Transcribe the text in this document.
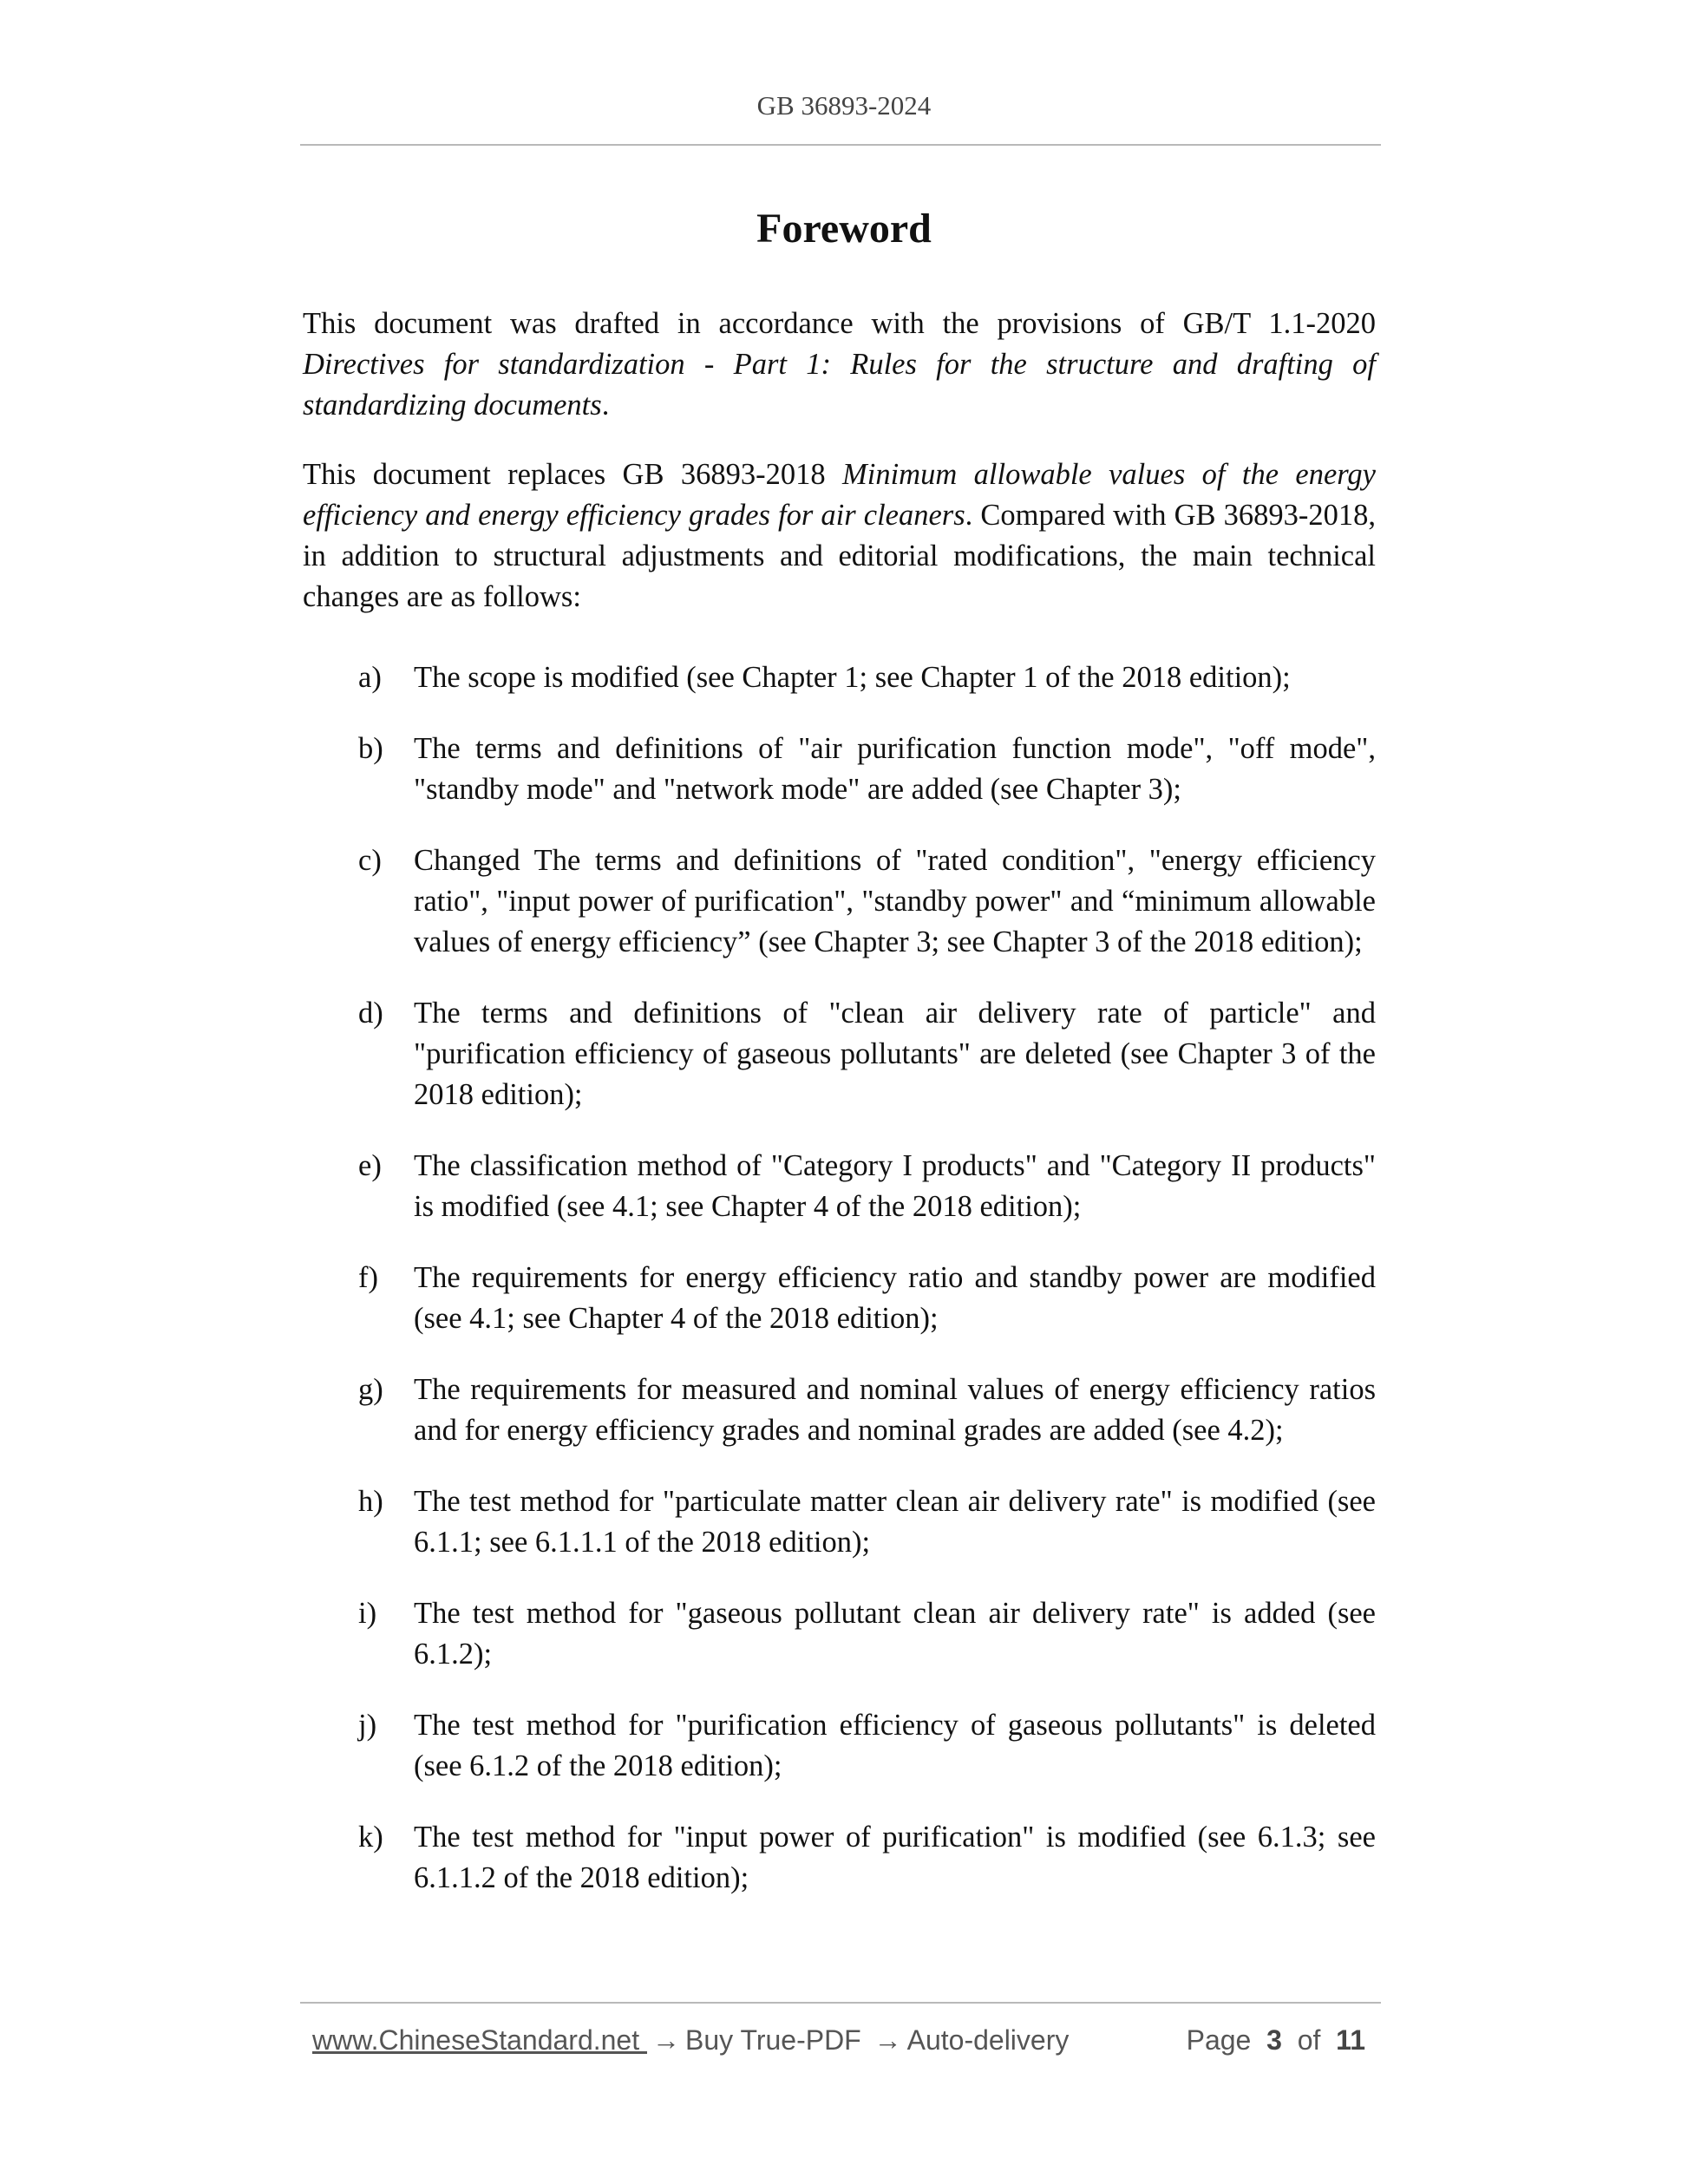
GB 36893-2024
Foreword

This document was drafted in accordance with the provisions of GB/T 1.1-2020 Directives for standardization - Part 1: Rules for the structure and drafting of standardizing documents.

This document replaces GB 36893-2018 Minimum allowable values of the energy efficiency and energy efficiency grades for air cleaners. Compared with GB 36893-2018, in addition to structural adjustments and editorial modifications, the main technical changes are as follows:

a) The scope is modified (see Chapter 1; see Chapter 1 of the 2018 edition);
b) The terms and definitions of "air purification function mode", "off mode", "standby mode" and "network mode" are added (see Chapter 3);
c) Changed The terms and definitions of "rated condition", "energy efficiency ratio", "input power of purification", "standby power" and “minimum allowable values of energy efficiency” (see Chapter 3; see Chapter 3 of the 2018 edition);
d) The terms and definitions of "clean air delivery rate of particle" and "purification efficiency of gaseous pollutants" are deleted (see Chapter 3 of the 2018 edition);
e) The classification method of "Category I products" and "Category II products" is modified (see 4.1; see Chapter 4 of the 2018 edition);
f) The requirements for energy efficiency ratio and standby power are modified (see 4.1; see Chapter 4 of the 2018 edition);
g) The requirements for measured and nominal values of energy efficiency ratios and for energy efficiency grades and nominal grades are added (see 4.2);
h) The test method for "particulate matter clean air delivery rate" is modified (see 6.1.1; see 6.1.1.1 of the 2018 edition);
i) The test method for "gaseous pollutant clean air delivery rate" is added (see 6.1.2);
j) The test method for "purification efficiency of gaseous pollutants" is deleted (see 6.1.2 of the 2018 edition);
k) The test method for "input power of purification" is modified (see 6.1.3; see 6.1.1.2 of the 2018 edition);
www.ChineseStandard.net → Buy True-PDF → Auto-delivery	Page 3 of 11
